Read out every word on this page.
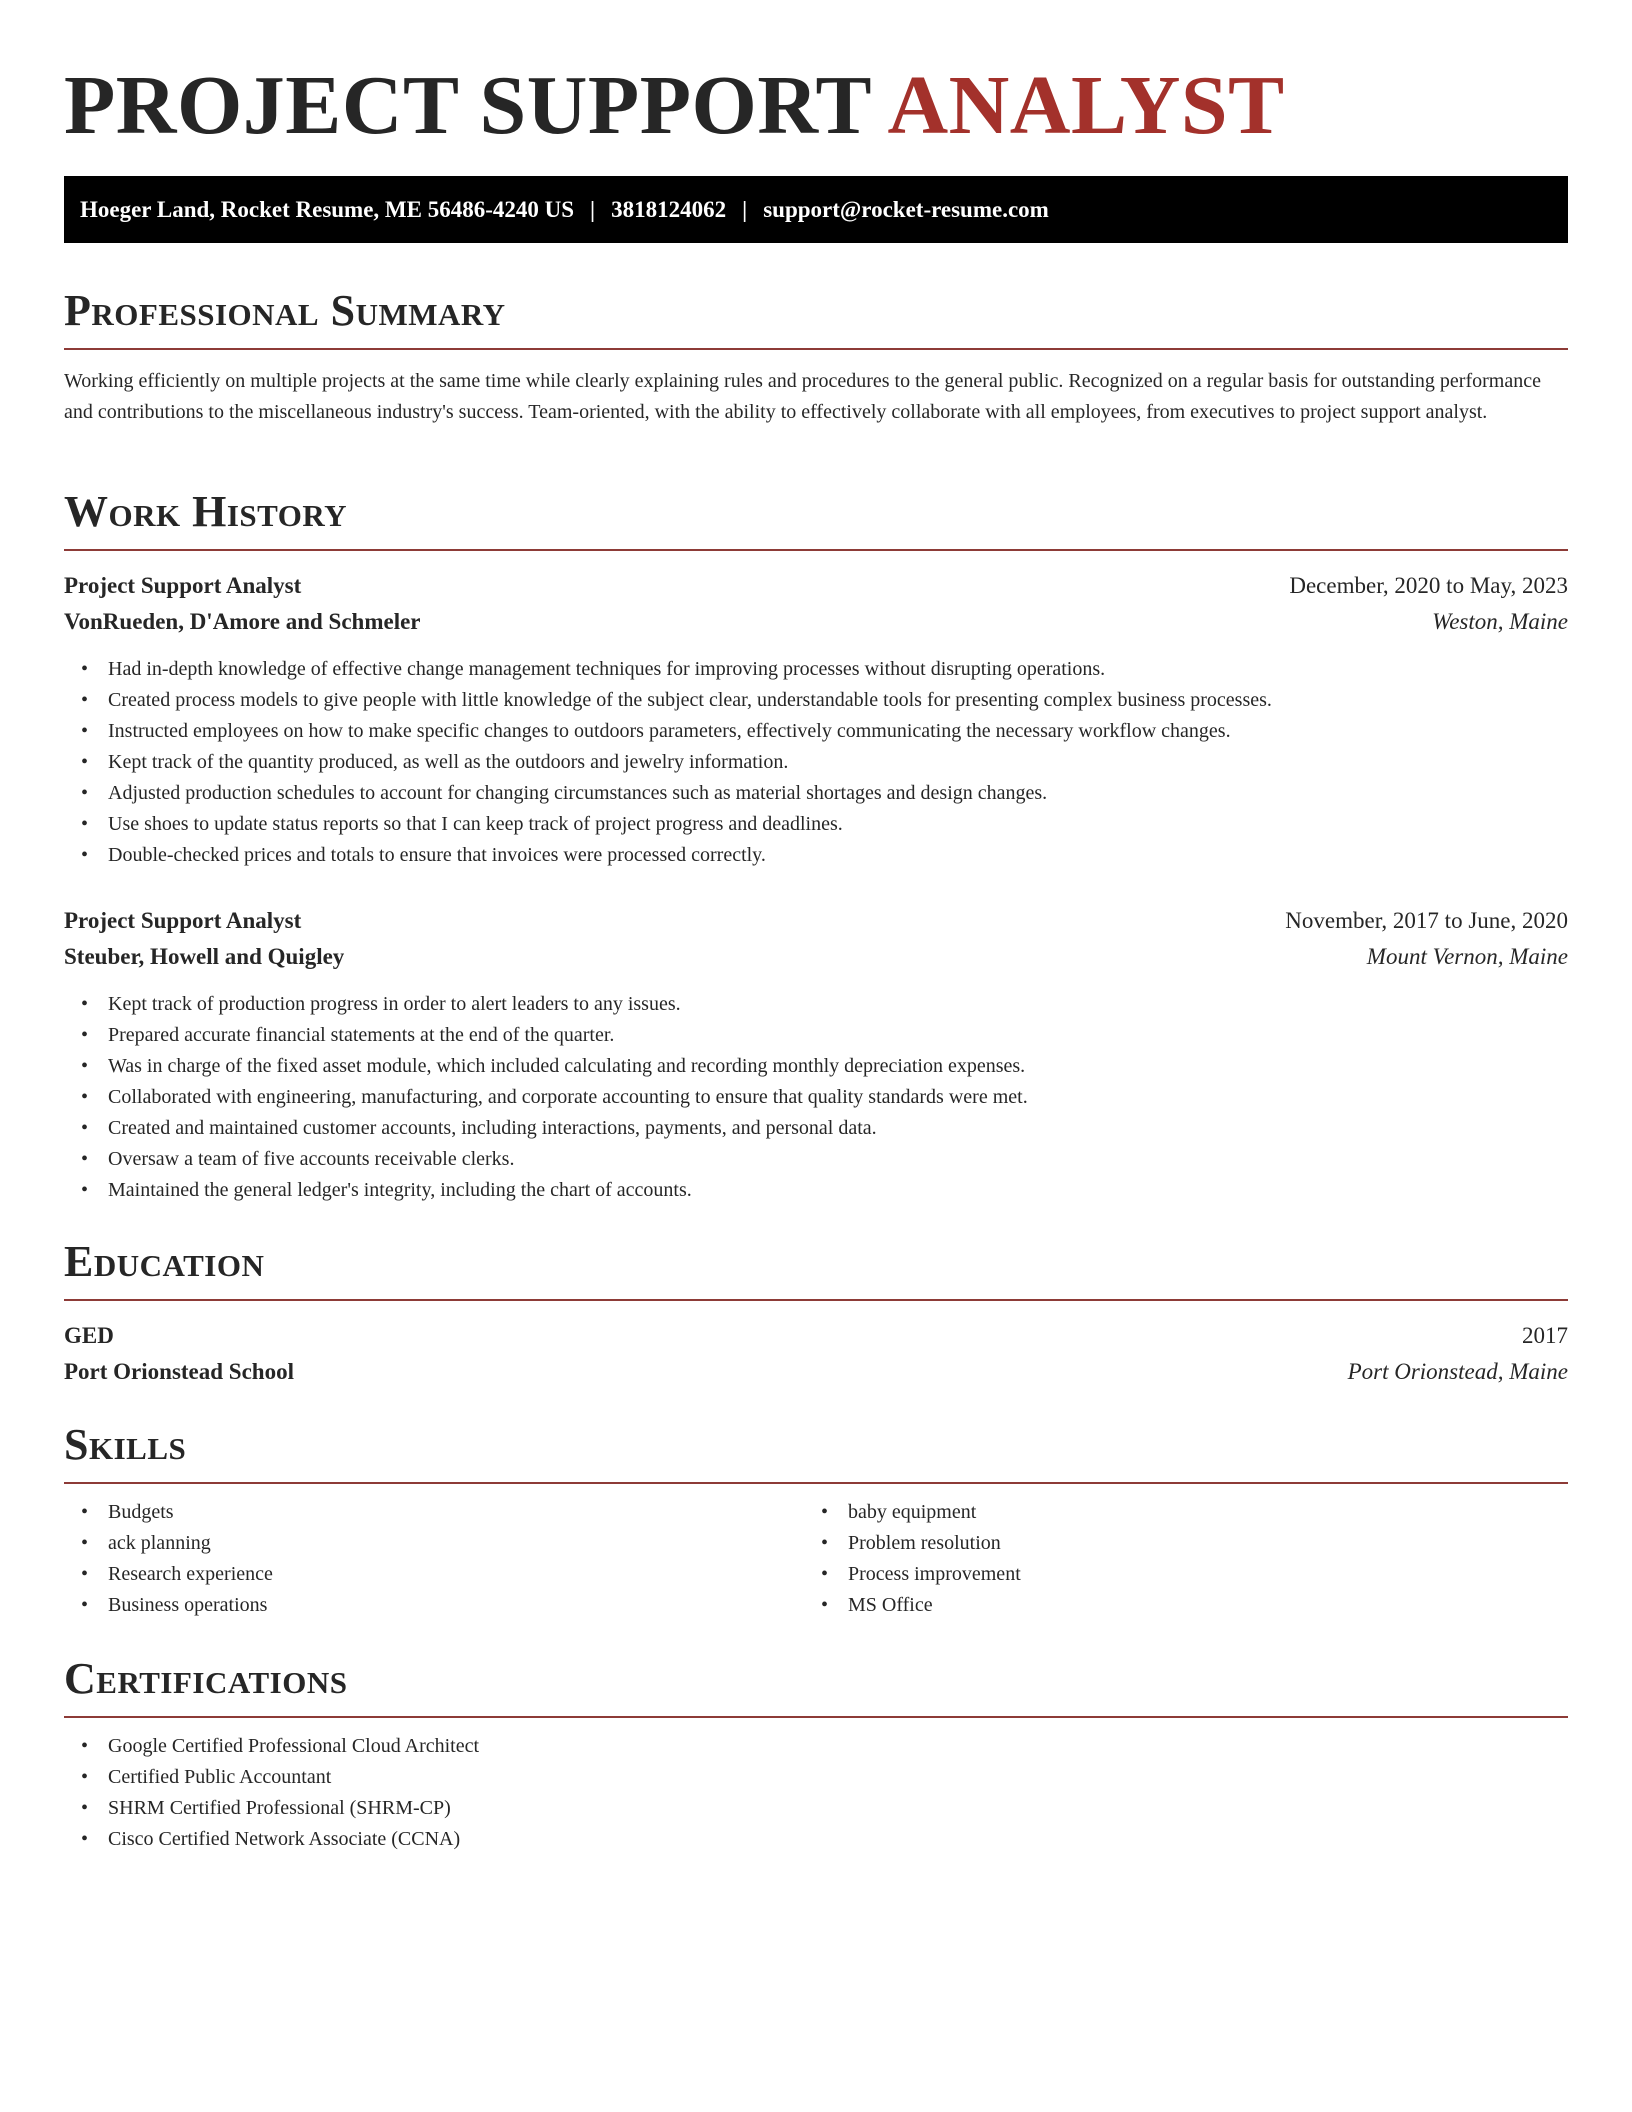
PROJECT SUPPORT ANALYST
Hoeger Land, Rocket Resume, ME 56486-4240 US | 3818124062 | support@rocket-resume.com
Professional Summary

Working efficiently on multiple projects at the same time while clearly explaining rules and procedures to the general public. Recognized on a regular basis for outstanding performance and contributions to the miscellaneous industry's success. Team-oriented, with the ability to effectively collaborate with all employees, from executives to project support analyst.

Work History
Project Support Analyst	December, 2020 to May, 2023
VonRueden, D'Amore and Schmeler	Weston, Maine
• Had in-depth knowledge of effective change management techniques for improving processes without disrupting operations.
• Created process models to give people with little knowledge of the subject clear, understandable tools for presenting complex business processes.
• Instructed employees on how to make specific changes to outdoors parameters, effectively communicating the necessary workflow changes.
• Kept track of the quantity produced, as well as the outdoors and jewelry information.
• Adjusted production schedules to account for changing circumstances such as material shortages and design changes.
• Use shoes to update status reports so that I can keep track of project progress and deadlines.
• Double-checked prices and totals to ensure that invoices were processed correctly.
Project Support Analyst	November, 2017 to June, 2020
Steuber, Howell and Quigley	Mount Vernon, Maine
• Kept track of production progress in order to alert leaders to any issues.
• Prepared accurate financial statements at the end of the quarter.
• Was in charge of the fixed asset module, which included calculating and recording monthly depreciation expenses.
• Collaborated with engineering, manufacturing, and corporate accounting to ensure that quality standards were met.
• Created and maintained customer accounts, including interactions, payments, and personal data.
• Oversaw a team of five accounts receivable clerks.
• Maintained the general ledger's integrity, including the chart of accounts.
Education
GED	2017
Port Orionstead School	Port Orionstead, Maine
Skills
• Budgets
• ack planning
• Research experience
• Business operations
• baby equipment
• Problem resolution
• Process improvement
• MS Office
Certifications
• Google Certified Professional Cloud Architect
• Certified Public Accountant
• SHRM Certified Professional (SHRM-CP)
• Cisco Certified Network Associate (CCNA)
